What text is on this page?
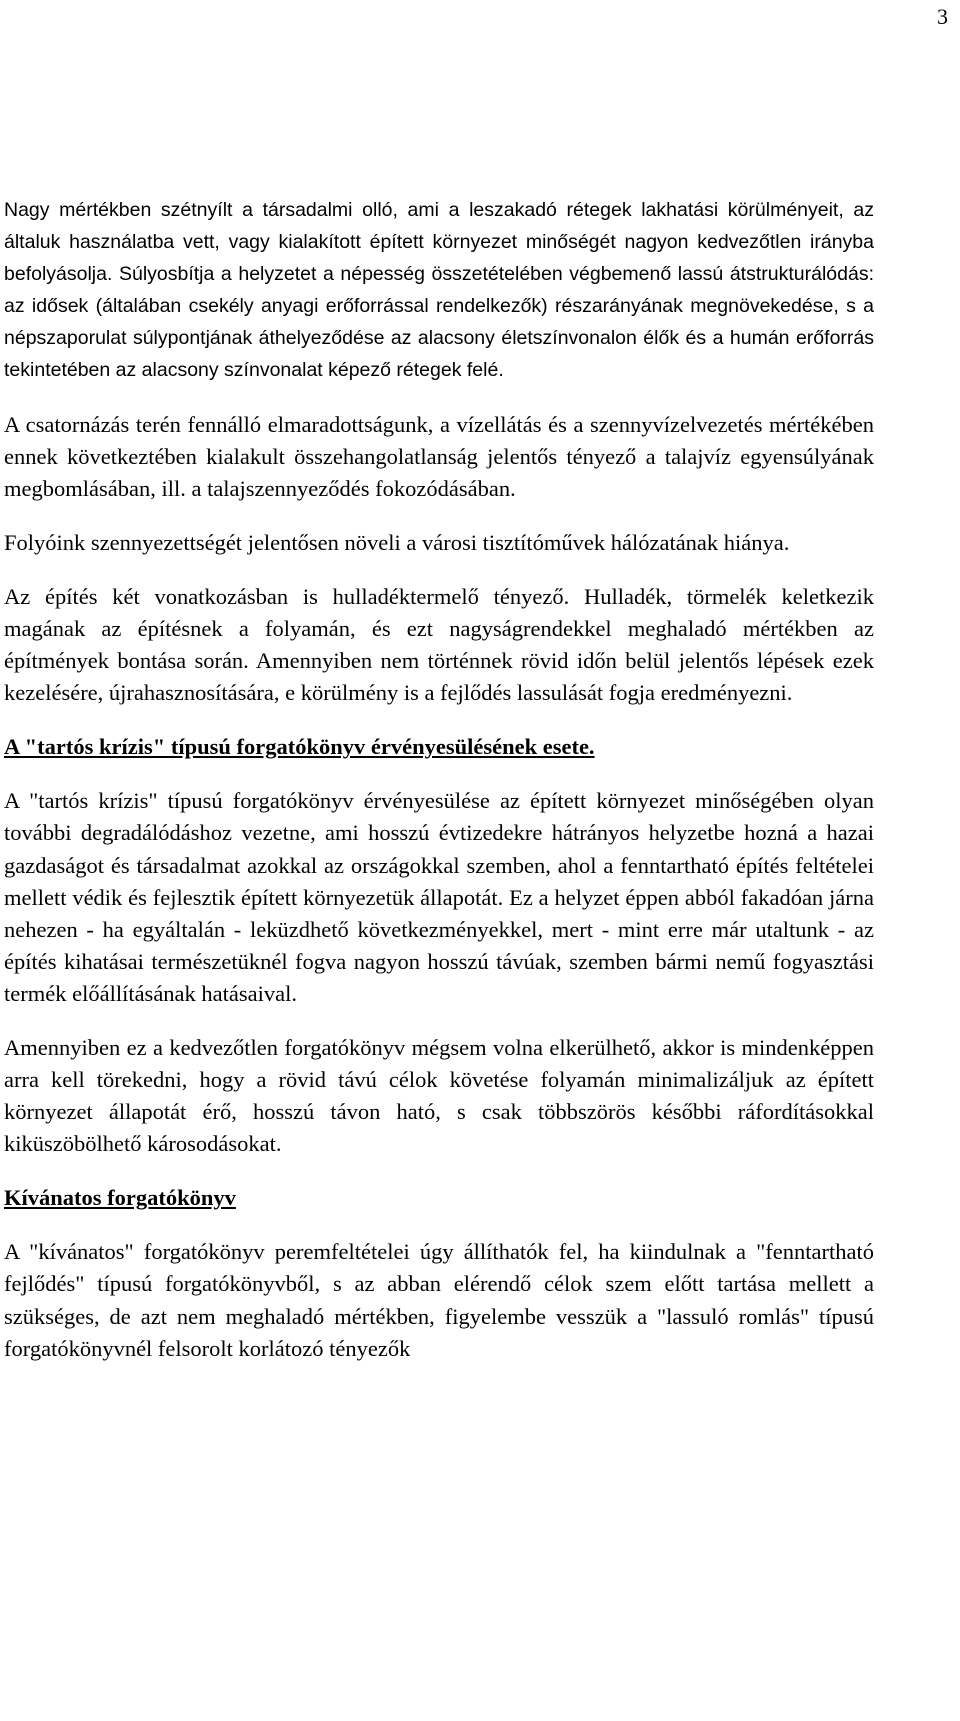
3

Nagy mértékben szétnyílt a társadalmi olló, ami a leszakadó rétegek lakhatási körülményeit, az általuk használatba vett, vagy kialakított épített környezet minőségét nagyon kedvezőtlen irányba befolyásolja. Súlyosbítja a helyzetet a népesség összetételében végbemenő lassú átstrukturálódás: az idősek (általában csekély anyagi erőforrással rendelkezők) részarányának megnövekedése, s a népszaporulat súlypontjának áthelyeződése az alacsony életszínvonalon élők és a humán erőforrás tekintetében az alacsony színvonalat képező rétegek felé.

A csatornázás terén fennálló elmaradottságunk, a vízellátás és a szennyvízelvezetés mértékében ennek következtében kialakult összehangolatlanság jelentős tényező a talajvíz egyensúlyának megbomlásában, ill. a talajszennyeződés fokozódásában.

Folyóink szennyezettségét jelentősen növeli a városi tisztítóművek hálózatának hiánya.

Az építés két vonatkozásban is hulladéktermelő tényező. Hulladék, törmelék keletkezik magának az építésnek a folyamán, és ezt nagyságrendekkel meghaladó mértékben az építmények bontása során. Amennyiben nem történnek rövid időn belül jelentős lépések ezek kezelésére, újrahasznosítására, e körülmény is a fejlődés lassulását fogja eredményezni.

A "tartós krízis" típusú forgatókönyv érvényesülésének esete.

A "tartós krízis" típusú forgatókönyv érvényesülése az épített környezet minőségében olyan további degradálódáshoz vezetne, ami hosszú évtizedekre hátrányos helyzetbe hozná a hazai gazdaságot és társadalmat azokkal az országokkal szemben, ahol a fenntartható építés feltételei mellett védik és fejlesztik épített környezetük állapotát. Ez a helyzet éppen abból fakadóan járna nehezen - ha egyáltalán - leküzdhető következményekkel, mert - mint erre már utaltunk - az építés kihatásai természetüknél fogva nagyon hosszú távúak, szemben bármi nemű fogyasztási termék előállításának hatásaival.

Amennyiben ez a kedvezőtlen forgatókönyv mégsem volna elkerülhető, akkor is mindenképpen arra kell törekedni, hogy a rövid távú célok követése folyamán minimalizáljuk az épített környezet állapotát érő, hosszú távon ható, s csak többszörös későbbi ráfordításokkal kiküszöbölhető károsodásokat.

Kívánatos forgatókönyv

A "kívánatos" forgatókönyv peremfeltételei úgy állíthatók fel, ha kiindulnak a "fenntartható fejlődés" típusú forgatókönyvből, s az abban elérendő célok szem előtt tartása mellett a szükséges, de azt nem meghaladó mértékben, figyelembe vesszük a "lassuló romlás" típusú forgatókönyvnél felsorolt korlátozó tényezők
